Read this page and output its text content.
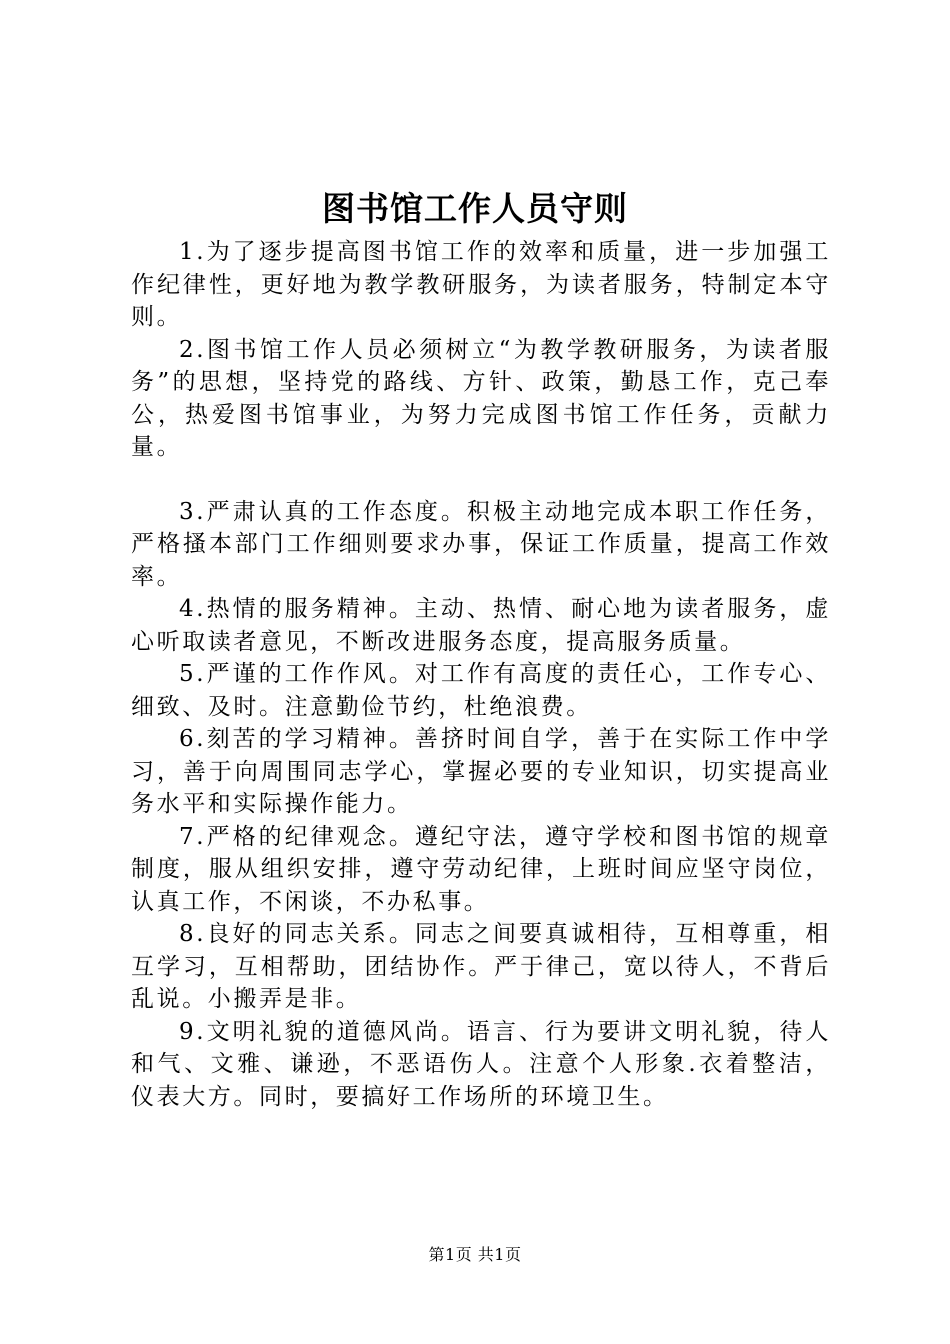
图书馆工作人员守则

1.为了逐步提高图书馆工作的效率和质量，进一步加强工作纪律性，更好地为教学教研服务，为读者服务，特制定本守则。

2.图书馆工作人员必须树立“为教学教研服务，为读者服务”的思想，坚持党的路线、方针、政策，勤恳工作，克己奉公，热爱图书馆事业，为努力完成图书馆工作任务，贡献力量。

3.严肃认真的工作态度。积极主动地完成本职工作任务，严格搔本部门工作细则要求办事，保证工作质量，提高工作效率。

4.热情的服务精神。主动、热情、耐心地为读者服务，虚心听取读者意见，不断改进服务态度，提高服务质量。

5.严谨的工作作风。对工作有高度的责任心，工作专心、细致、及时。注意勤俭节约，杜绝浪费。

6.刻苦的学习精神。善挤时间自学，善于在实际工作中学习，善于向周围同志学心，掌握必要的专业知识，切实提高业务水平和实际操作能力。

7.严格的纪律观念。遵纪守法，遵守学校和图书馆的规章制度，服从组织安排，遵守劳动纪律，上班时间应坚守岗位，认真工作，不闲谈，不办私事。

8.良好的同志关系。同志之间要真诚相待，互相尊重，相互学习，互相帮助，团结协作。严于律己，宽以待人，不背后乱说。小搬弄是非。

9.文明礼貌的道德风尚。语言、行为要讲文明礼貌，待人和气、文雅、谦逊，不恶语伤人。注意个人形象.衣着整洁，仪表大方。同时，要搞好工作场所的环境卫生。

第1页 共1页
